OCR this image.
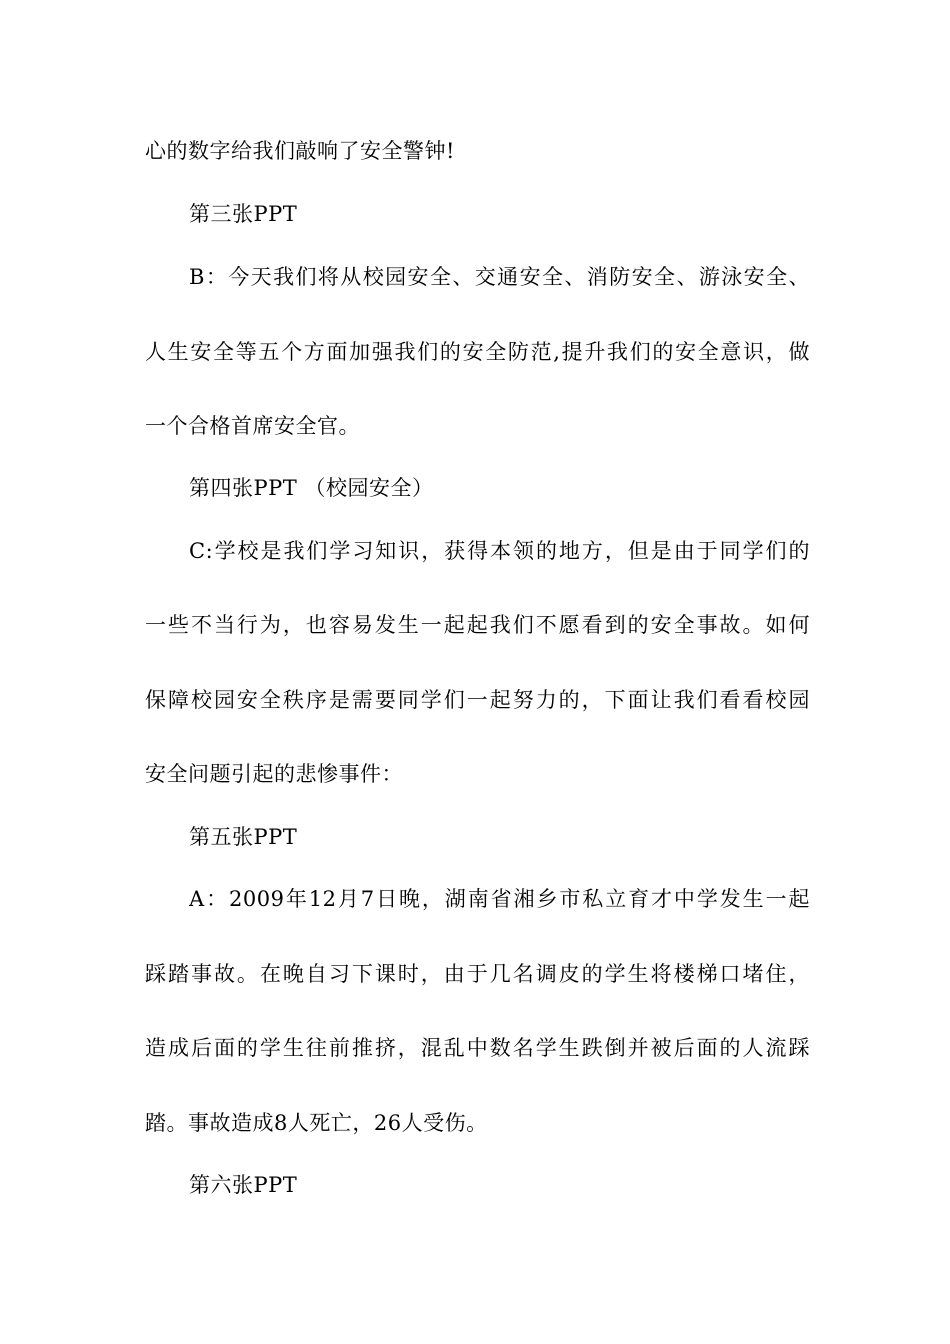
心的数字给我们敲响了安全警钟!
第三张PPT
B：今天我们将从校园安全、交通安全、消防安全、游泳安全、
人生安全等五个方面加强我们的安全防范,提升我们的安全意识，做
一个合格首席安全官。
第四张PPT （校园安全）
C:学校是我们学习知识，获得本领的地方，但是由于同学们的
一些不当行为，也容易发生一起起我们不愿看到的安全事故。如何
保障校园安全秩序是需要同学们一起努力的，下面让我们看看校园
安全问题引起的悲惨事件：
第五张PPT
A：2009年12月7日晚，湖南省湘乡市私立育才中学发生一起
踩踏事故。在晚自习下课时，由于几名调皮的学生将楼梯口堵住，
造成后面的学生往前推挤，混乱中数名学生跌倒并被后面的人流踩
踏。事故造成8人死亡，26人受伤。
第六张PPT
